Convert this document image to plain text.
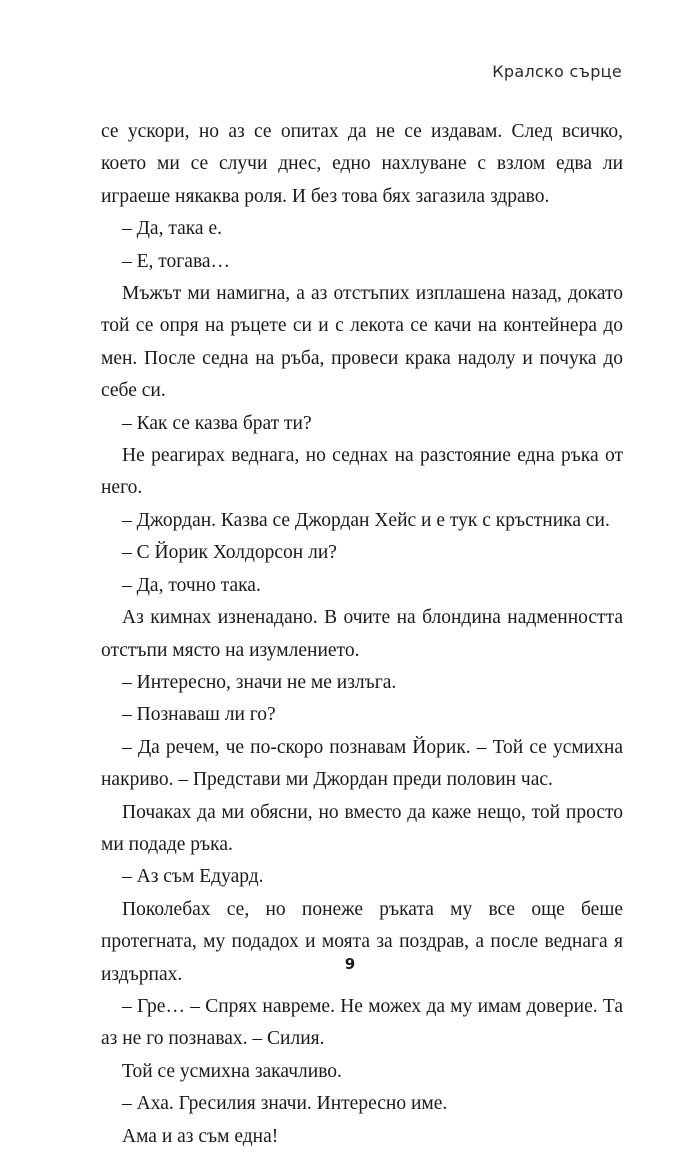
Кралско сърце

се ускори, но аз се опитах да не се издавам. След всичко, което ми се случи днес, едно нахлуване с взлом едва ли играеше някаква роля. И без това бях загазила здраво.

– Да, така е.

– Е, тогава…

Мъжът ми намигна, а аз отстъпих изплашена назад, докато той се опря на ръцете си и с лекота се качи на контейнера до мен. После седна на ръба, провеси крака надолу и почука до себе си.

– Как се казва брат ти?

Не реагирах веднага, но седнах на разстояние една ръка от него.

– Джордан. Казва се Джордан Хейс и е тук с кръстника си.

– С Йорик Холдорсон ли?

– Да, точно така.

Аз кимнах изненадано. В очите на блондина надменността отстъпи място на изумлението.

– Интересно, значи не ме излъга.

– Познаваш ли го?

– Да речем, че по-скоро познавам Йорик. – Той се усмихна накриво. – Представи ми Джордан преди половин час.

Почаках да ми обясни, но вместо да каже нещо, той просто ми подаде ръка.

– Аз съм Едуард.

Поколебах се, но понеже ръката му все още беше протегната, му подадох и моята за поздрав, а после веднага я издърпах.

– Гре… – Спрях навреме. Не можех да му имам доверие. Та аз не го познавах. – Силия.

Той се усмихна закачливо.

– Аха. Гресилия значи. Интересно име.

Ама и аз съм една!

9
